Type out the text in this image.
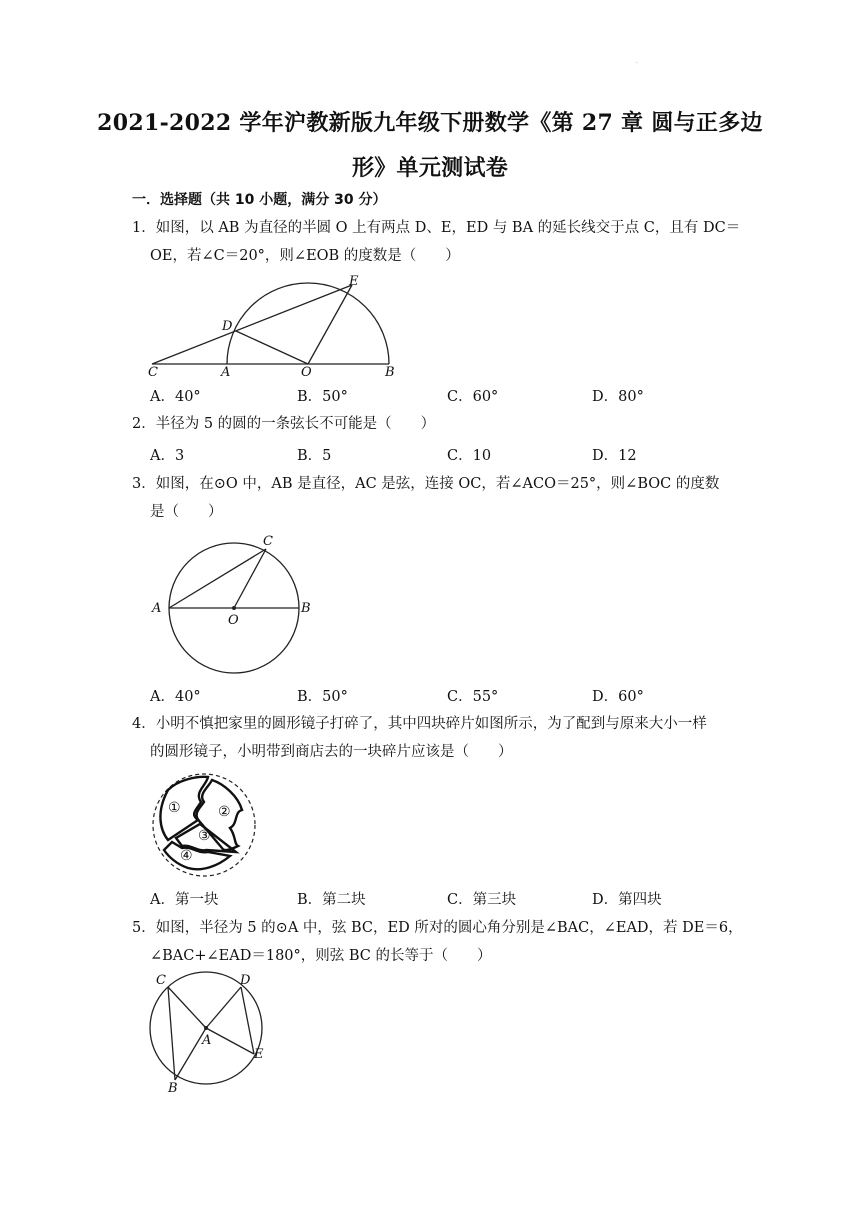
·
2021-2022 学年沪教新版九年级下册数学《第 27 章 圆与正多边
形》单元测试卷
一．选择题（共 10 小题，满分 30 分）
1．如图，以 AB 为直径的半圆 O 上有两点 D、E，ED 与 BA 的延长线交于点 C，且有 DC＝
OE，若∠C＝20°，则∠EOB 的度数是（　　）
E
D
C	A	O	B
A．40°	B．50°	C．60°	D．80°
2．半径为 5 的圆的一条弦长不可能是（　　）
A．3	B．5	C．10	D．12
3．如图，在⊙O 中，AB 是直径，AC 是弦，连接 OC，若∠ACO＝25°，则∠BOC 的度数
是（　　）
C
A
O
B
A．40°	B．50°	C．55°	D．60°
4．小明不慎把家里的圆形镜子打碎了，其中四块碎片如图所示，为了配到与原来大小一样
的圆形镜子，小明带到商店去的一块碎片应该是（　　）
①	②
③
④
A．第一块	B．第二块	C．第三块	D．第四块
5．如图，半径为 5 的⊙A 中，弦 BC，ED 所对的圆心角分别是∠BAC，∠EAD，若 DE＝6，
∠BAC+∠EAD＝180°，则弦 BC 的长等于（　　）
C	D
A
E
B
